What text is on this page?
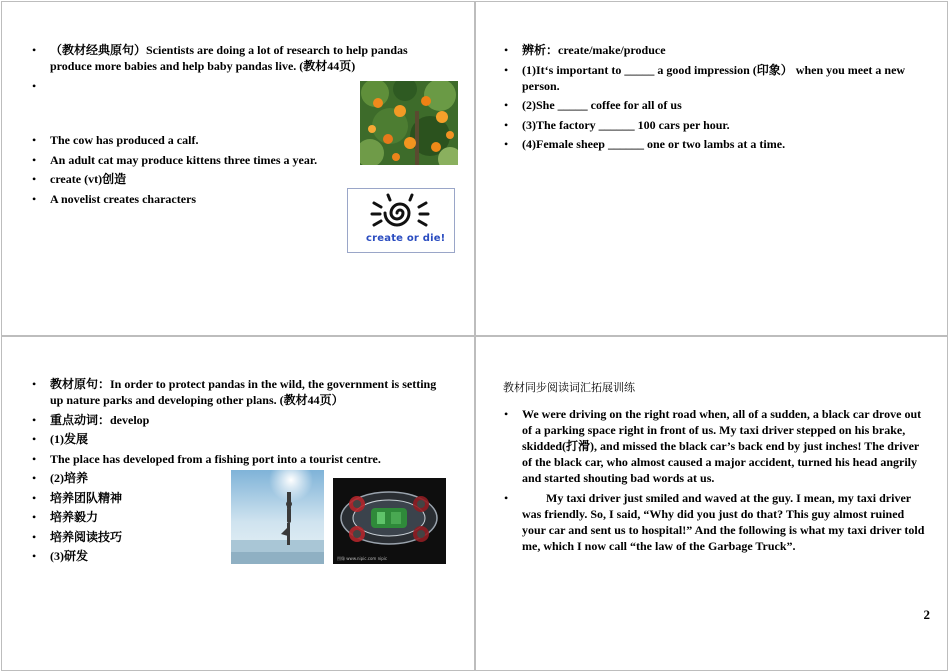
• （教材经典原句）Scientists are doing a lot of research to help pandas produce more babies and help baby pandas live. (教材44页)
•
• The cow has produced a calf.
• An adult cat may produce kittens three times a year.
• create (vt)创造
• A novelist creates characters
create or die!
• 辨析：create/make/produce
• (1)It‘s important to _____ a good impression (印象） when you meet a new person.
• (2)She _____ coffee for all of us
• (3)The factory ______ 100 cars per hour.
• (4)Female sheep ______ one or two lambs at a time.
• 教材原句：In order to protect pandas in the wild, the government is setting up nature parks and developing other plans. (教材44页）
• 重点动词：develop
• (1)发展
• The place has developed from a fishing port into a tourist centre.
• (2)培养
• 培养团队精神
• 培养毅力
• 培养阅读技巧
• (3)研发	图像 www.nipic.com nipic
教材同步阅读词汇拓展训练
• We were driving on the right road when, all of a sudden, a black car drove out of a parking space right in front of us. My taxi driver stepped on his brake, skidded(打滑), and missed the black car’s back end by just inches! The driver of the black car, who almost caused a major accident, turned his head angrily and started shouting bad words at us.
•         My taxi driver just smiled and waved at the guy. I mean, my taxi driver was friendly. So, I said, “Why did you just do that? This guy almost ruined your car and sent us to hospital!” And the following is what my taxi driver told me, which I now call “the law of the Garbage Truck”.
2
